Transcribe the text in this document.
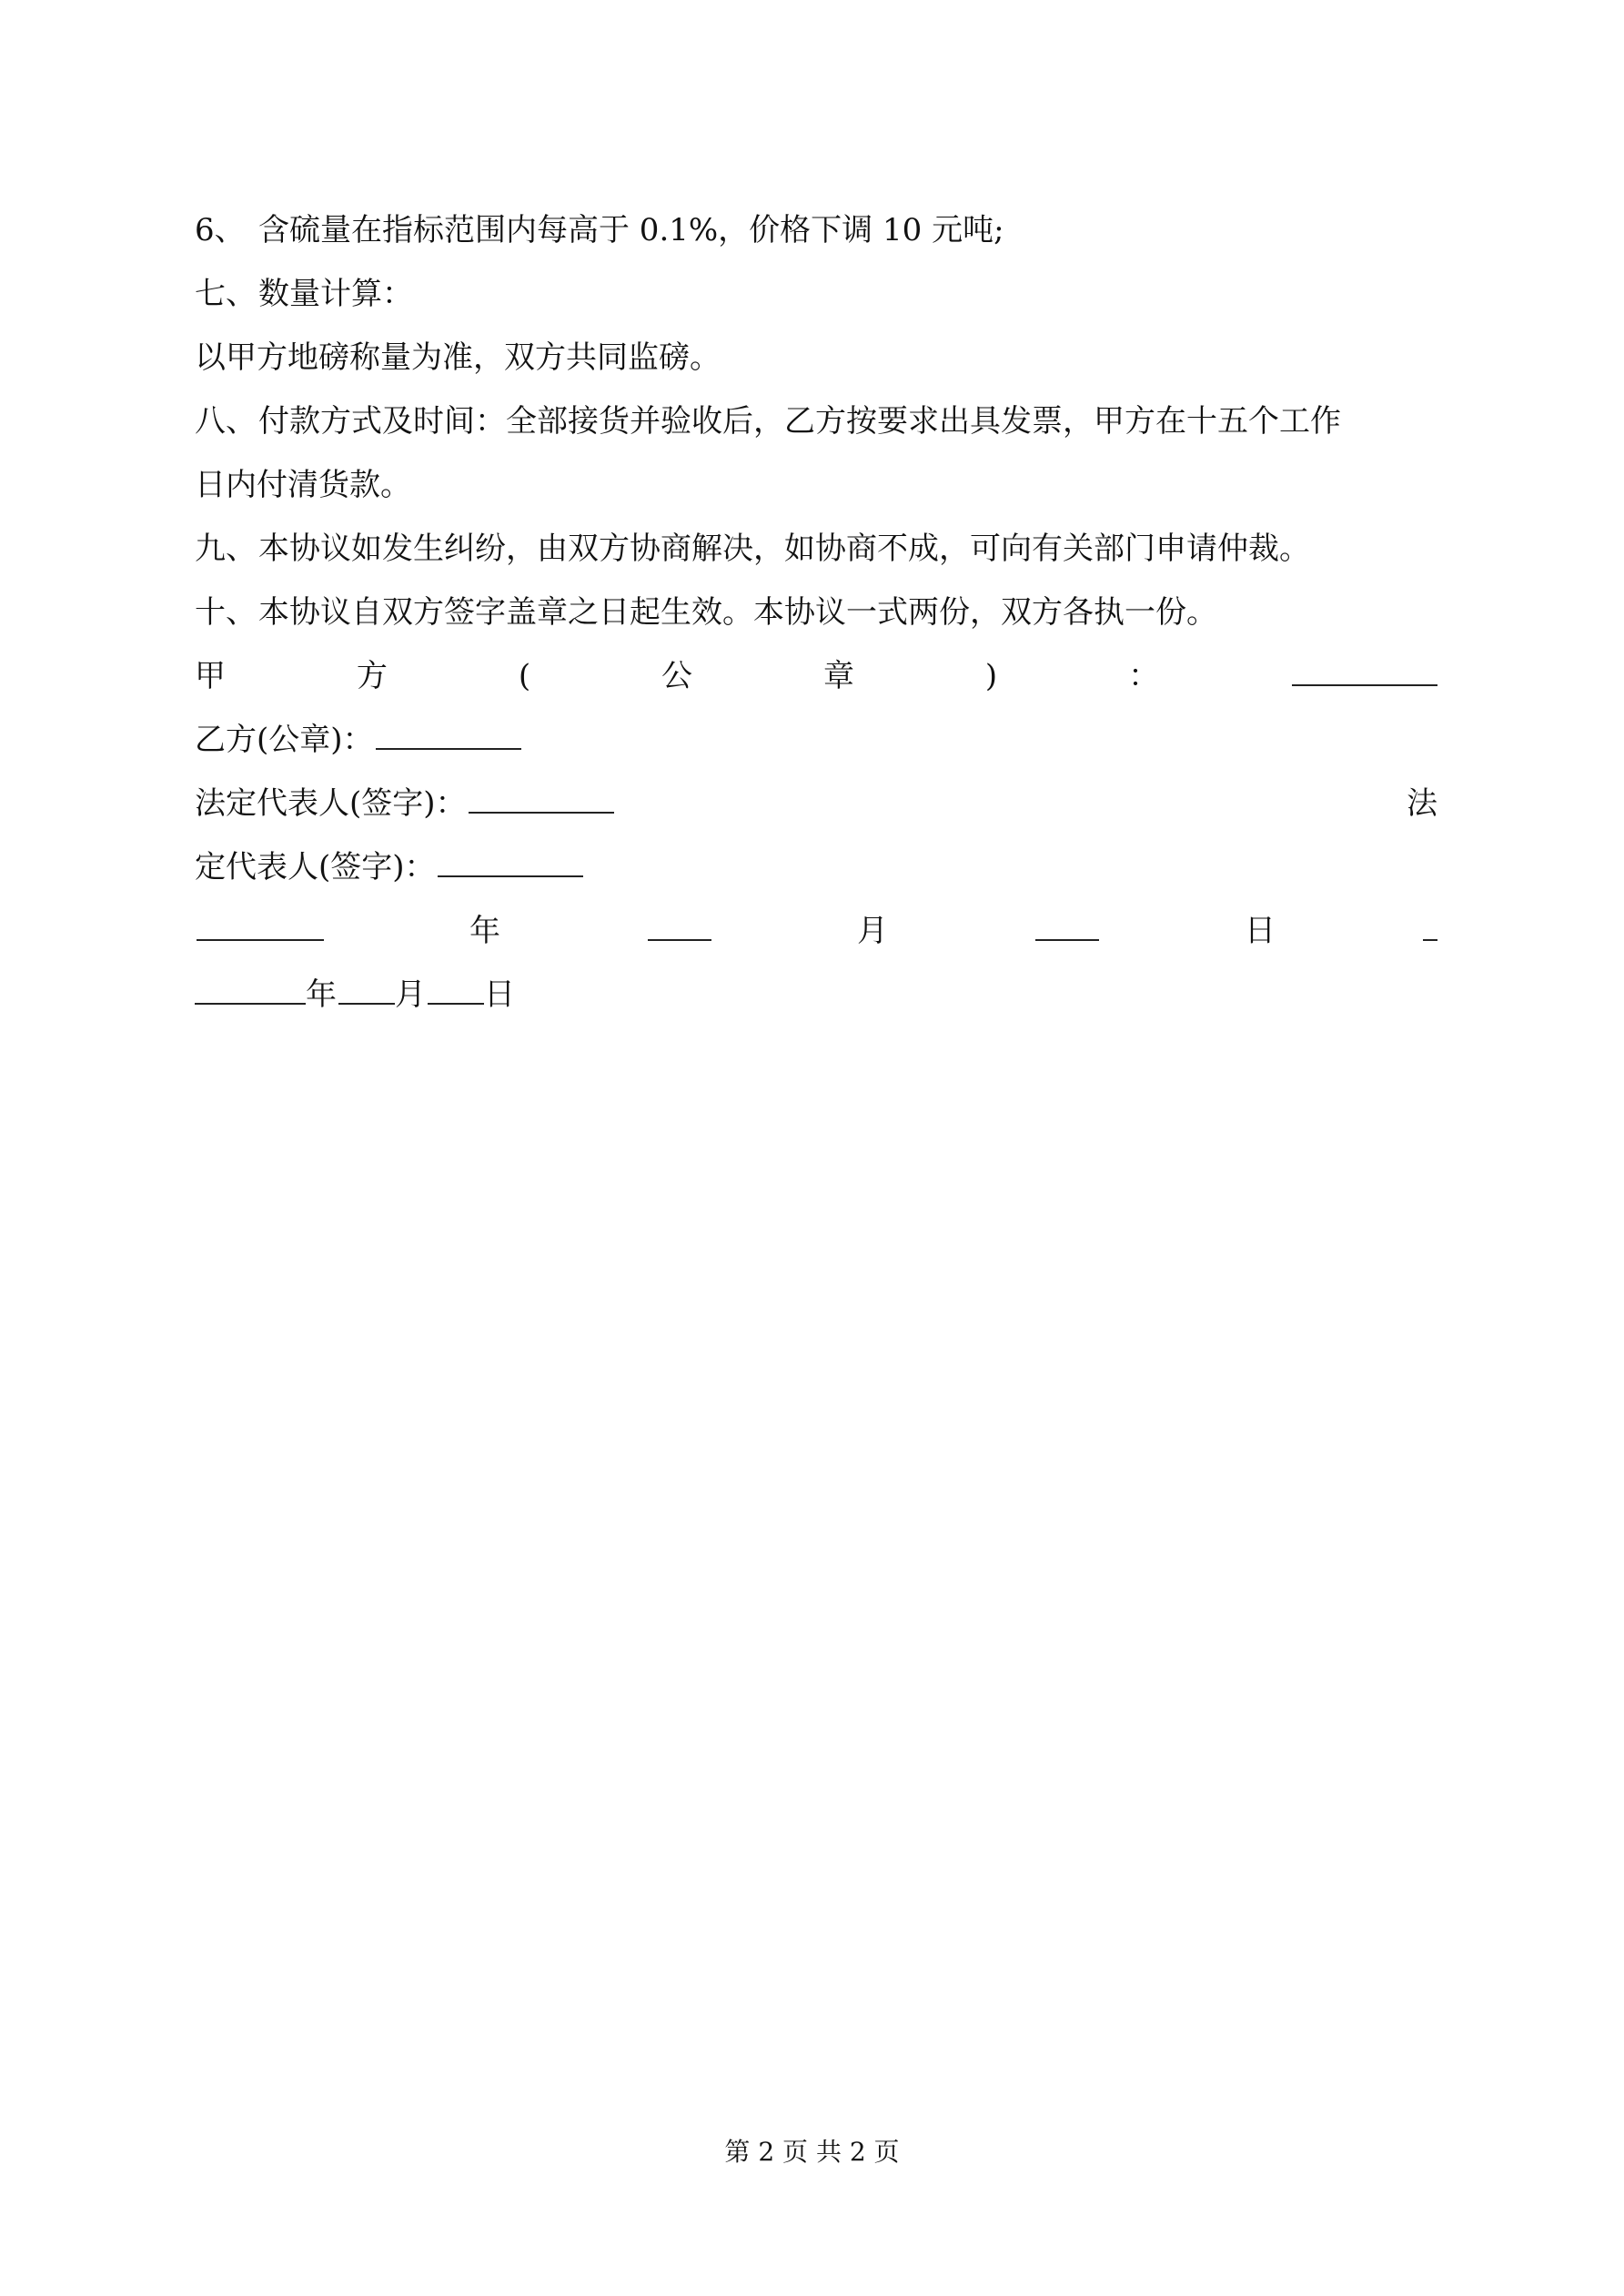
6、 含硫量在指标范围内每高于 0.1%，价格下调 10 元吨;
七、数量计算：
以甲方地磅称量为准，双方共同监磅。
八、付款方式及时间：全部接货并验收后，乙方按要求出具发票，甲方在十五个工作
日内付清货款。
九、本协议如发生纠纷，由双方协商解决，如协商不成，可向有关部门申请仲裁。
十、本协议自双方签字盖章之日起生效。本协议一式两份，双方各执一份。
甲	方	(	公	章	)	：
乙方(公章)：
法定代表人(签字)：	法
定代表人(签字)：
年	月	日
年 月 日
第 2 页 共 2 页
